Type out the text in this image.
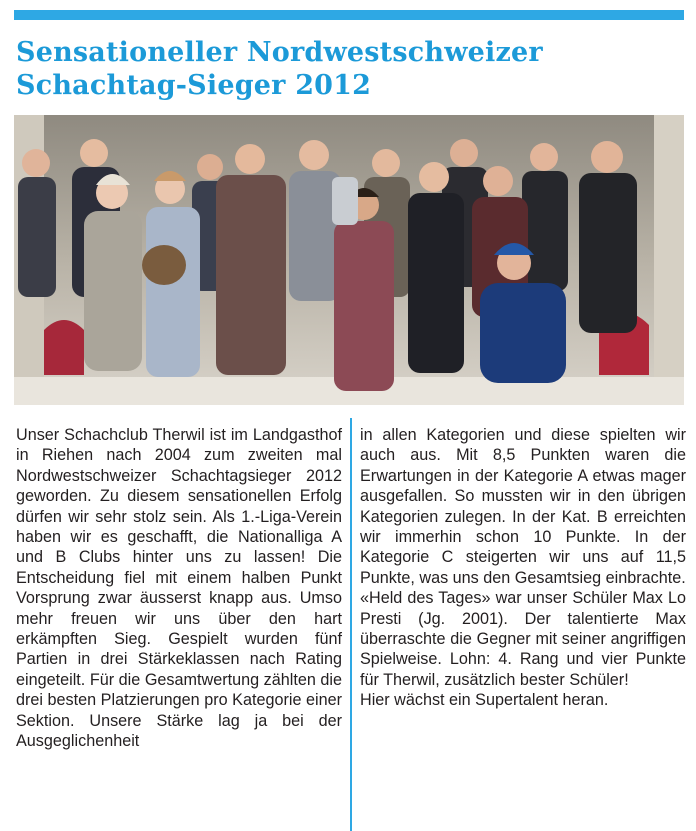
Sensationeller Nordwestschweizer
Schachtag-Sieger 2012

Unser Schachclub Therwil ist im Landgasthof in Riehen nach 2004 zum zweiten mal Nordwestschweizer Schachtagsieger 2012 geworden. Zu diesem sensationellen Erfolg dürfen wir sehr stolz sein. Als 1.-Liga-Verein haben wir es geschafft, die Nationalliga A und B Clubs hinter uns zu lassen! Die Entscheidung fiel mit einem halben Punkt Vorsprung zwar äusserst knapp aus. Umso mehr freuen wir uns über den hart erkämpften Sieg. Gespielt wurden fünf Partien in drei Stärkeklassen nach Rating eingeteilt. Für die Gesamtwertung zählten die drei besten Platzierungen pro Kategorie einer Sektion. Unsere Stärke lag ja bei der Ausgeglichenheit

in allen Kategorien und diese spielten wir auch aus. Mit 8,5 Punkten waren die Erwartungen in der Kategorie A etwas mager ausgefallen. So mussten wir in den übrigen Kategorien zulegen. In der Kat. B erreichten wir immerhin schon 10 Punkte. In der Kategorie C steigerten wir uns auf 11,5 Punkte, was uns den Gesamtsieg einbrachte.

«Held des Tages» war unser Schüler Max Lo Presti (Jg. 2001). Der talentierte Max überraschte die Gegner mit seiner angriffigen Spielweise. Lohn: 4. Rang und vier Punkte für Therwil, zusätzlich bester Schüler!

Hier wächst ein Supertalent heran.
